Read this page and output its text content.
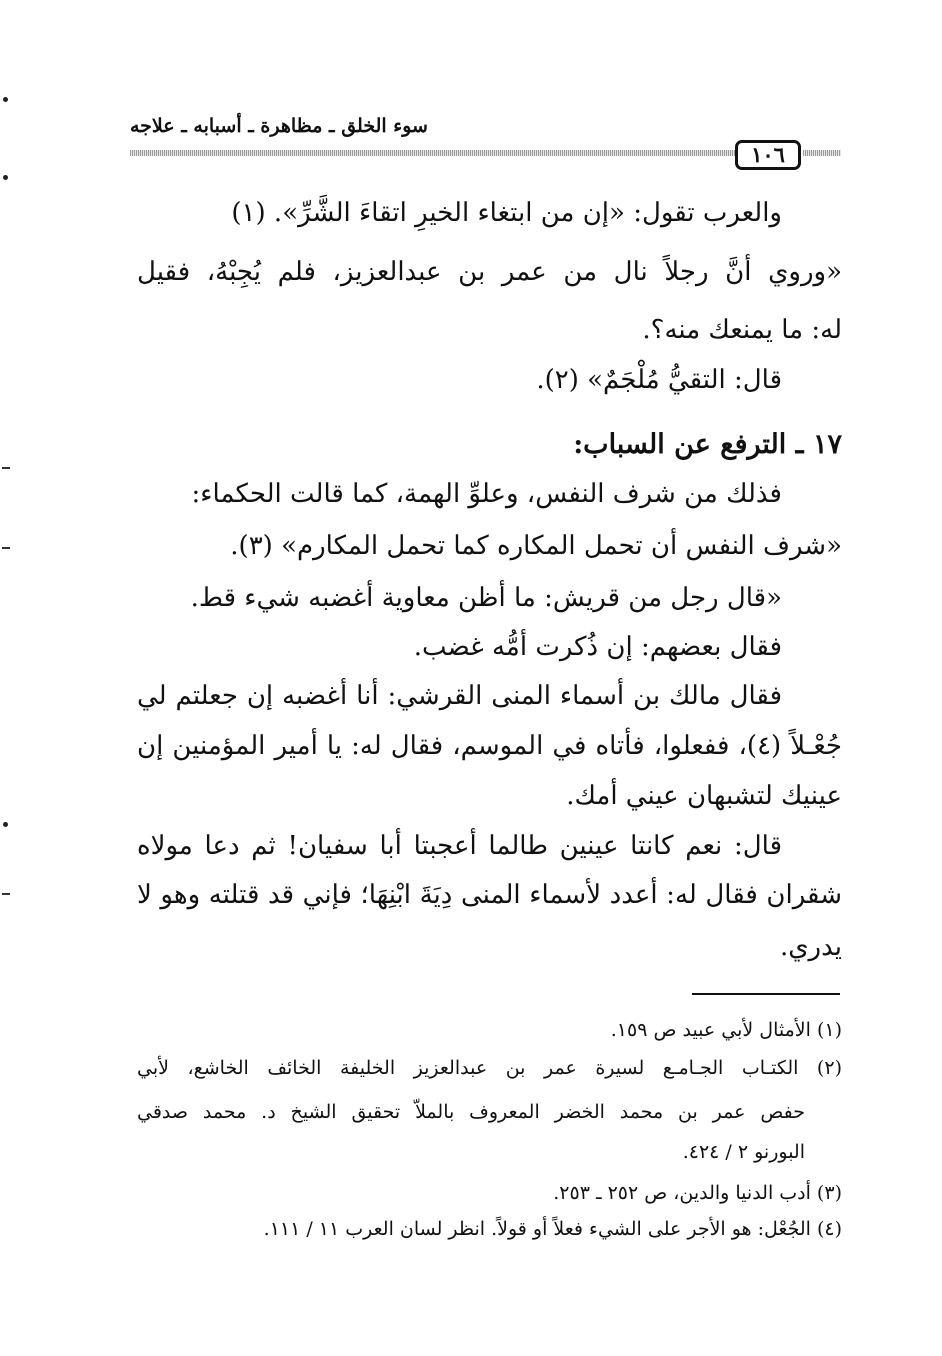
سوء الخلق ـ مظاهرة ـ أسبابه ـ علاجه
١٠٦
والعرب تقول: «إن من ابتغاء الخيرِ اتقاءَ الشَّرِّ». (١)
«وروي أنَّ رجلاً نال من عمر بن عبدالعزيز، فلم يُجِبْهُ، فقيل
له: ما يمنعك منه؟.
قال: التقيُّ مُلْجَمٌ» (٢).
١٧ ـ الترفع عن السباب:
فذلك من شرف النفس، وعلوِّ الهمة، كما قالت الحكماء:
«شرف النفس أن تحمل المكاره كما تحمل المكارم» (٣).
«قال رجل من قريش: ما أظن معاوية أغضبه شيء قط.
فقال بعضهم: إن ذُكرت أمُّه غضب.
فقال مالك بن أسماء المنى القرشي: أنا أغضبه إن جعلتم لي
جُعْـلاً (٤)، ففعلوا، فأتاه في الموسم، فقال له: يا أمير المؤمنين إن
عينيك لتشبهان عيني أمك.
قال: نعم كانتا عينين طالما أعجبتا أبا سفيان! ثم دعا مولاه
شقران فقال له: أعدد لأسماء المنى دِيَةَ ابْنِهَا؛ فإني قد قتلته وهو لا
يدري.
(١) الأمثال لأبي عبيد ص ١٥٩.
(٢) الكتـاب الجـامـع لسيرة عمر بن عبدالعزيز الخليفة الخائف الخاشع، لأبي
حفص عمر بن محمد الخضر المعروف بالملاّ تحقيق الشيخ د. محمد صدقي
البورنو ٢ / ٤٢٤.
(٣) أدب الدنيا والدين، ص ٢٥٢ ـ ٢٥٣.
(٤) الجُعْل: هو الأجر على الشيء فعلاً أو قولاً. انظر لسان العرب ١١ / ١١١.
